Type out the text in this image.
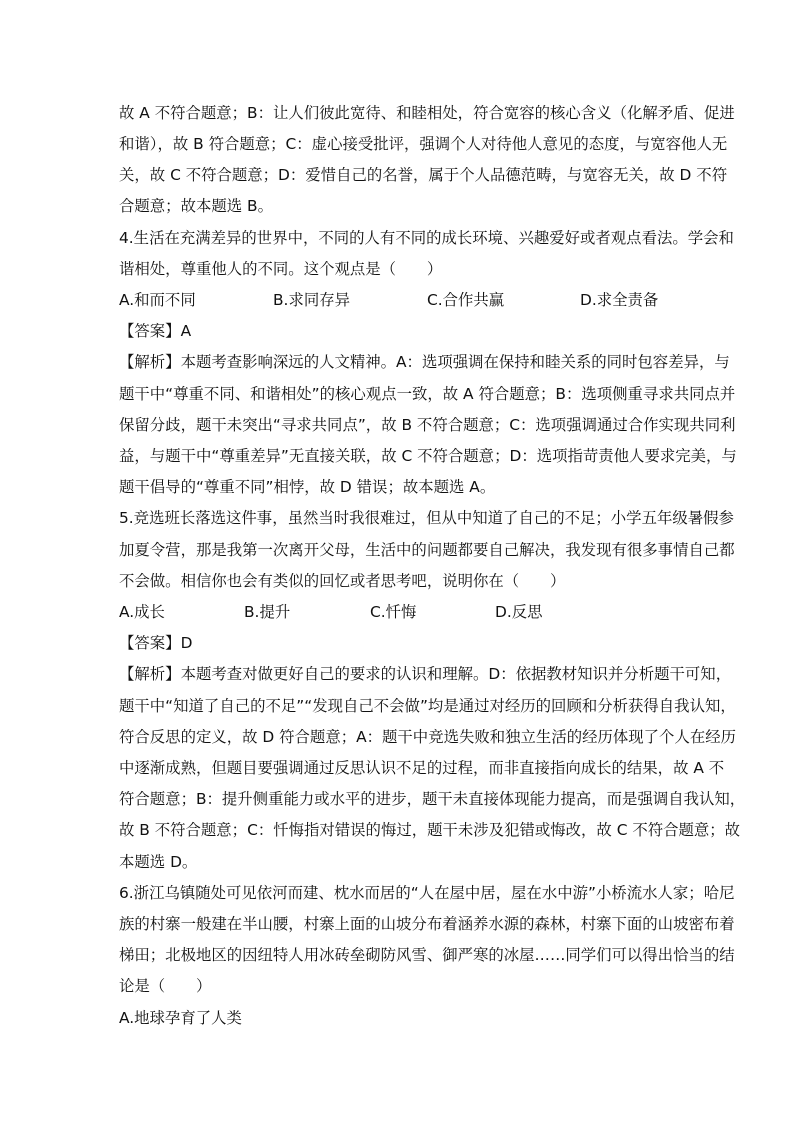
故 A 不符合题意；B：让人们彼此宽待、和睦相处，符合宽容的核心含义（化解矛盾、促进
和谐），故 B 符合题意；C：虚心接受批评，强调个人对待他人意见的态度，与宽容他人无
关，故 C 不符合题意；D：爱惜自己的名誉，属于个人品德范畴，与宽容无关，故 D 不符
合题意；故本题选 B。
4.生活在充满差异的世界中，不同的人有不同的成长环境、兴趣爱好或者观点看法。学会和
谐相处，尊重他人的不同。这个观点是（　　）
A.和而不同	B.求同存异	C.合作共赢	D.求全责备
【答案】A
【解析】本题考查影响深远的人文精神。A：选项强调在保持和睦关系的同时包容差异，与
题干中“尊重不同、和谐相处”的核心观点一致，故 A 符合题意；B：选项侧重寻求共同点并
保留分歧，题干未突出“寻求共同点”，故 B 不符合题意；C：选项强调通过合作实现共同利
益，与题干中“尊重差异”无直接关联，故 C 不符合题意；D：选项指苛责他人要求完美，与
题干倡导的“尊重不同”相悖，故 D 错误；故本题选 A。
5.竞选班长落选这件事，虽然当时我很难过，但从中知道了自己的不足；小学五年级暑假参
加夏令营，那是我第一次离开父母，生活中的问题都要自己解决，我发现有很多事情自己都
不会做。相信你也会有类似的回忆或者思考吧，说明你在（　　）
A.成长	B.提升	C.忏悔	D.反思
【答案】D
【解析】本题考查对做更好自己的要求的认识和理解。D：依据教材知识并分析题干可知，
题干中“知道了自己的不足”“发现自己不会做”均是通过对经历的回顾和分析获得自我认知，
符合反思的定义，故 D 符合题意；A：题干中竞选失败和独立生活的经历体现了个人在经历
中逐渐成熟，但题目要强调通过反思认识不足的过程，而非直接指向成长的结果，故 A 不
符合题意；B：提升侧重能力或水平的进步，题干未直接体现能力提高，而是强调自我认知，
故 B 不符合题意；C：忏悔指对错误的悔过，题干未涉及犯错或悔改，故 C 不符合题意；故
本题选 D。
6.浙江乌镇随处可见依河而建、枕水而居的“人在屋中居，屋在水中游”小桥流水人家；哈尼
族的村寨一般建在半山腰，村寨上面的山坡分布着涵养水源的森林，村寨下面的山坡密布着
梯田；北极地区的因纽特人用冰砖垒砌防风雪、御严寒的冰屋……同学们可以得出恰当的结
论是（　　）
A.地球孕育了人类
